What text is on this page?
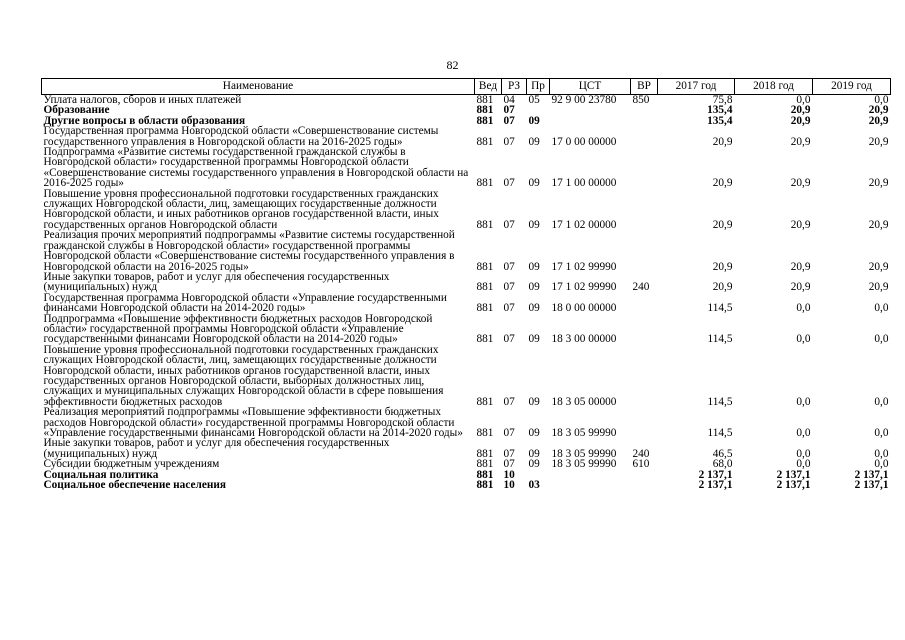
82
Наименование	Вед	РЗ	Пр	ЦСТ	ВР	2017 год	2018 год	2019 год
Уплата налогов, сборов и иных платежей	881	04	05	92 9 00 23780	850	75,8	0,0	0,0
Образование	881	07				135,4	20,9	20,9
Другие вопросы в области образования	881	07	09			135,4	20,9	20,9
Государственная программа Новгородской области «Совершенствование системы государственного управления в Новгородской области на 2016-2025 годы»	881	07	09	17 0 00 00000		20,9	20,9	20,9
Подпрограмма «Развитие системы государственной гражданской службы в Новгородской области» государственной программы Новгородской области «Совершенствование системы государственного управления в Новгородской области на 2016-2025 годы»	881	07	09	17 1 00 00000		20,9	20,9	20,9
Повышение уровня профессиональной подготовки государственных гражданских служащих Новгородской области, лиц, замещающих государственные должности Новгородской области, и иных работников органов государственной власти, иных государственных органов Новгородской области	881	07	09	17 1 02 00000		20,9	20,9	20,9
Реализация прочих мероприятий подпрограммы «Развитие системы государственной гражданской службы в Новгородской области» государственной программы Новгородской области «Совершенствование системы государственного управления в Новгородской области на 2016-2025 годы»	881	07	09	17 1 02 99990		20,9	20,9	20,9
Иные закупки товаров, работ и услуг для обеспечения государственных (муниципальных) нужд	881	07	09	17 1 02 99990	240	20,9	20,9	20,9
Государственная программа Новгородской области «Управление государственными финансами Новгородской области на 2014-2020 годы»	881	07	09	18 0 00 00000		114,5	0,0	0,0
Подпрограмма «Повышение эффективности бюджетных расходов Новгородской области» государственной программы Новгородской области «Управление государственными финансами Новгородской области на 2014-2020 годы»	881	07	09	18 3 00 00000		114,5	0,0	0,0
Повышение уровня профессиональной подготовки государственных гражданских служащих Новгородской области, лиц, замещающих государственные должности Новгородской области, иных работников органов государственной власти, иных государственных органов Новгородской области, выборных должностных лиц, служащих и муниципальных служащих Новгородской области в сфере повышения эффективности бюджетных расходов	881	07	09	18 3 05 00000		114,5	0,0	0,0
Реализация мероприятий подпрограммы «Повышение эффективности бюджетных расходов Новгородской области» государственной программы Новгородской области «Управление государственными финансами Новгородской области на 2014-2020 годы»	881	07	09	18 3 05 99990		114,5	0,0	0,0
Иные закупки товаров, работ и услуг для обеспечения государственных (муниципальных) нужд	881	07	09	18 3 05 99990	240	46,5	0,0	0,0
Субсидии бюджетным учреждениям	881	07	09	18 3 05 99990	610	68,0	0,0	0,0
Социальная политика	881	10				2 137,1	2 137,1	2 137,1
Социальное обеспечение населения	881	10	03			2 137,1	2 137,1	2 137,1
